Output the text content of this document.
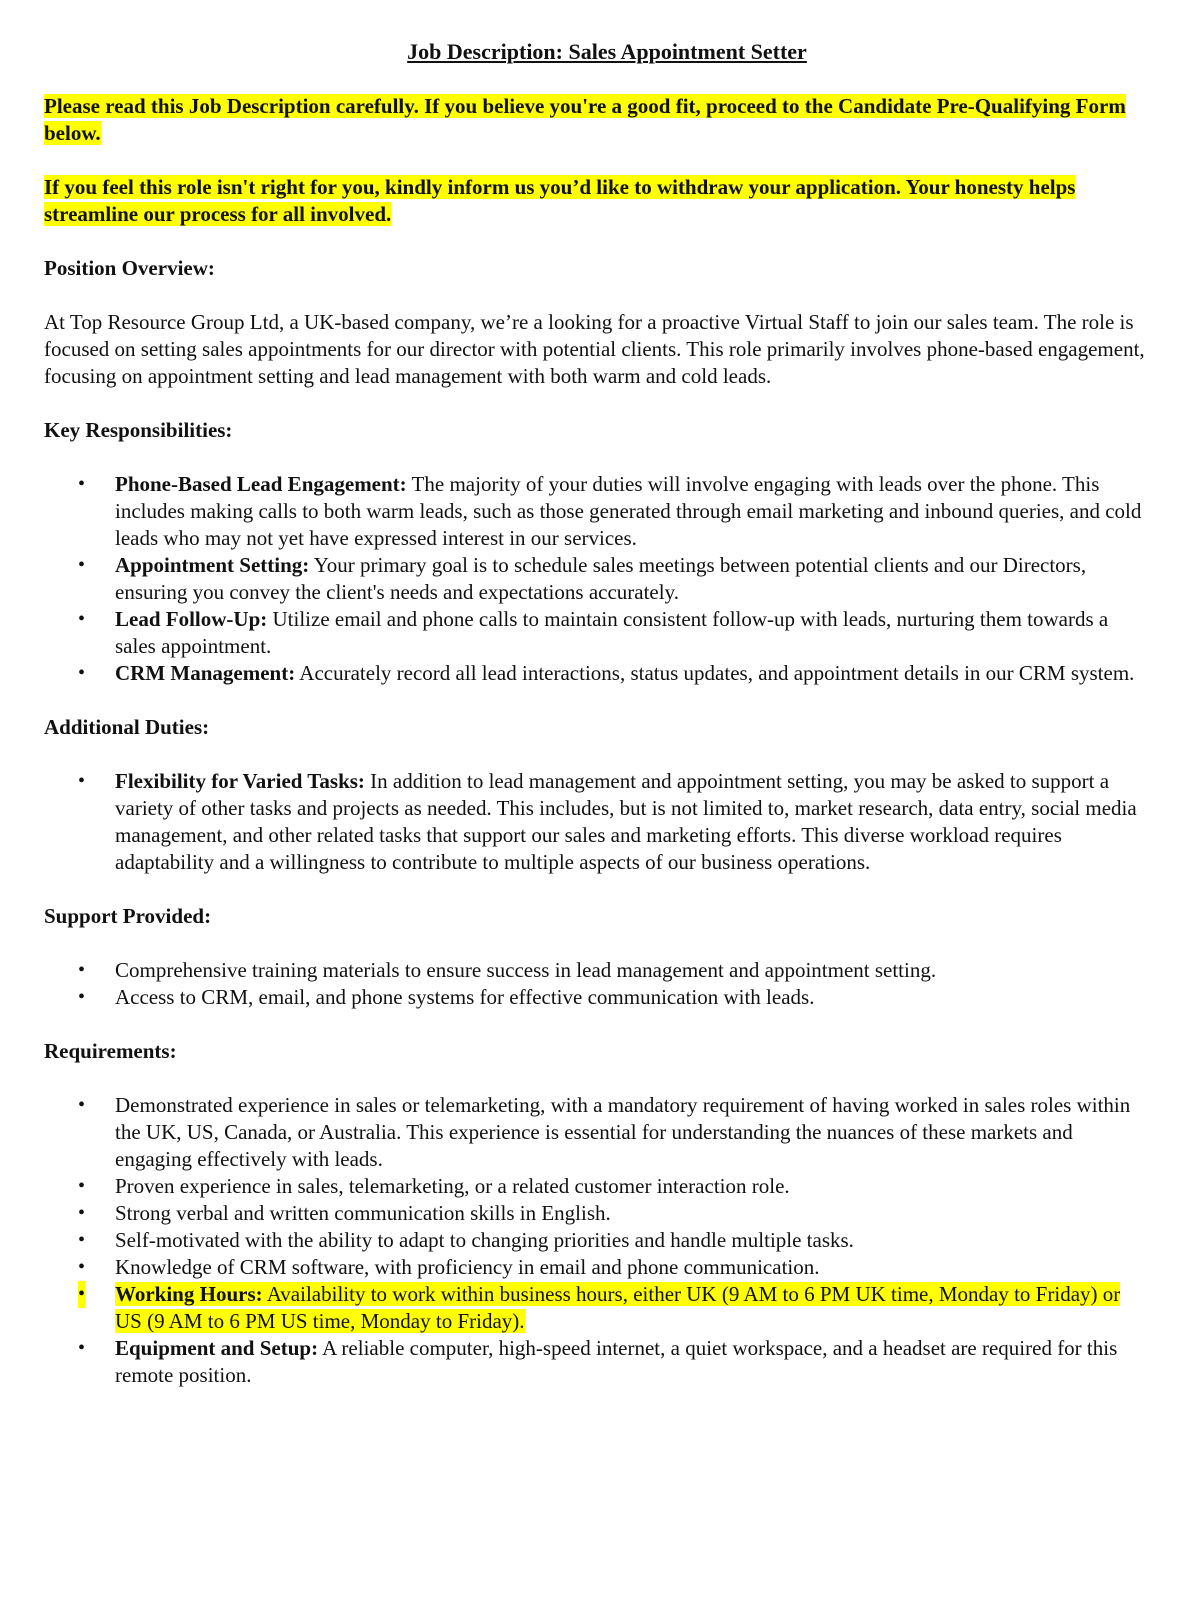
Job Description: Sales Appointment Setter

Please read this Job Description carefully. If you believe you're a good fit, proceed to the Candidate Pre-Qualifying Form below.

If you feel this role isn't right for you, kindly inform us you’d like to withdraw your application. Your honesty helps streamline our process for all involved.

Position Overview:

At Top Resource Group Ltd, a UK-based company, we’re a looking for a proactive Virtual Staff to join our sales team. The role is focused on setting sales appointments for our director with potential clients. This role primarily involves phone-based engagement, focusing on appointment setting and lead management with both warm and cold leads.

Key Responsibilities:

• Phone-Based Lead Engagement: The majority of your duties will involve engaging with leads over the phone. This includes making calls to both warm leads, such as those generated through email marketing and inbound queries, and cold leads who may not yet have expressed interest in our services.
• Appointment Setting: Your primary goal is to schedule sales meetings between potential clients and our Directors, ensuring you convey the client's needs and expectations accurately.
• Lead Follow-Up: Utilize email and phone calls to maintain consistent follow-up with leads, nurturing them towards a sales appointment.
• CRM Management: Accurately record all lead interactions, status updates, and appointment details in our CRM system.

Additional Duties:

• Flexibility for Varied Tasks: In addition to lead management and appointment setting, you may be asked to support a variety of other tasks and projects as needed. This includes, but is not limited to, market research, data entry, social media management, and other related tasks that support our sales and marketing efforts. This diverse workload requires adaptability and a willingness to contribute to multiple aspects of our business operations.

Support Provided:

• Comprehensive training materials to ensure success in lead management and appointment setting.
• Access to CRM, email, and phone systems for effective communication with leads.

Requirements:

• Demonstrated experience in sales or telemarketing, with a mandatory requirement of having worked in sales roles within the UK, US, Canada, or Australia. This experience is essential for understanding the nuances of these markets and engaging effectively with leads.
• Proven experience in sales, telemarketing, or a related customer interaction role.
• Strong verbal and written communication skills in English.
• Self-motivated with the ability to adapt to changing priorities and handle multiple tasks.
• Knowledge of CRM software, with proficiency in email and phone communication.
• Working Hours: Availability to work within business hours, either UK (9 AM to 6 PM UK time, Monday to Friday) or US (9 AM to 6 PM US time, Monday to Friday).
• Equipment and Setup: A reliable computer, high-speed internet, a quiet workspace, and a headset are required for this remote position.
